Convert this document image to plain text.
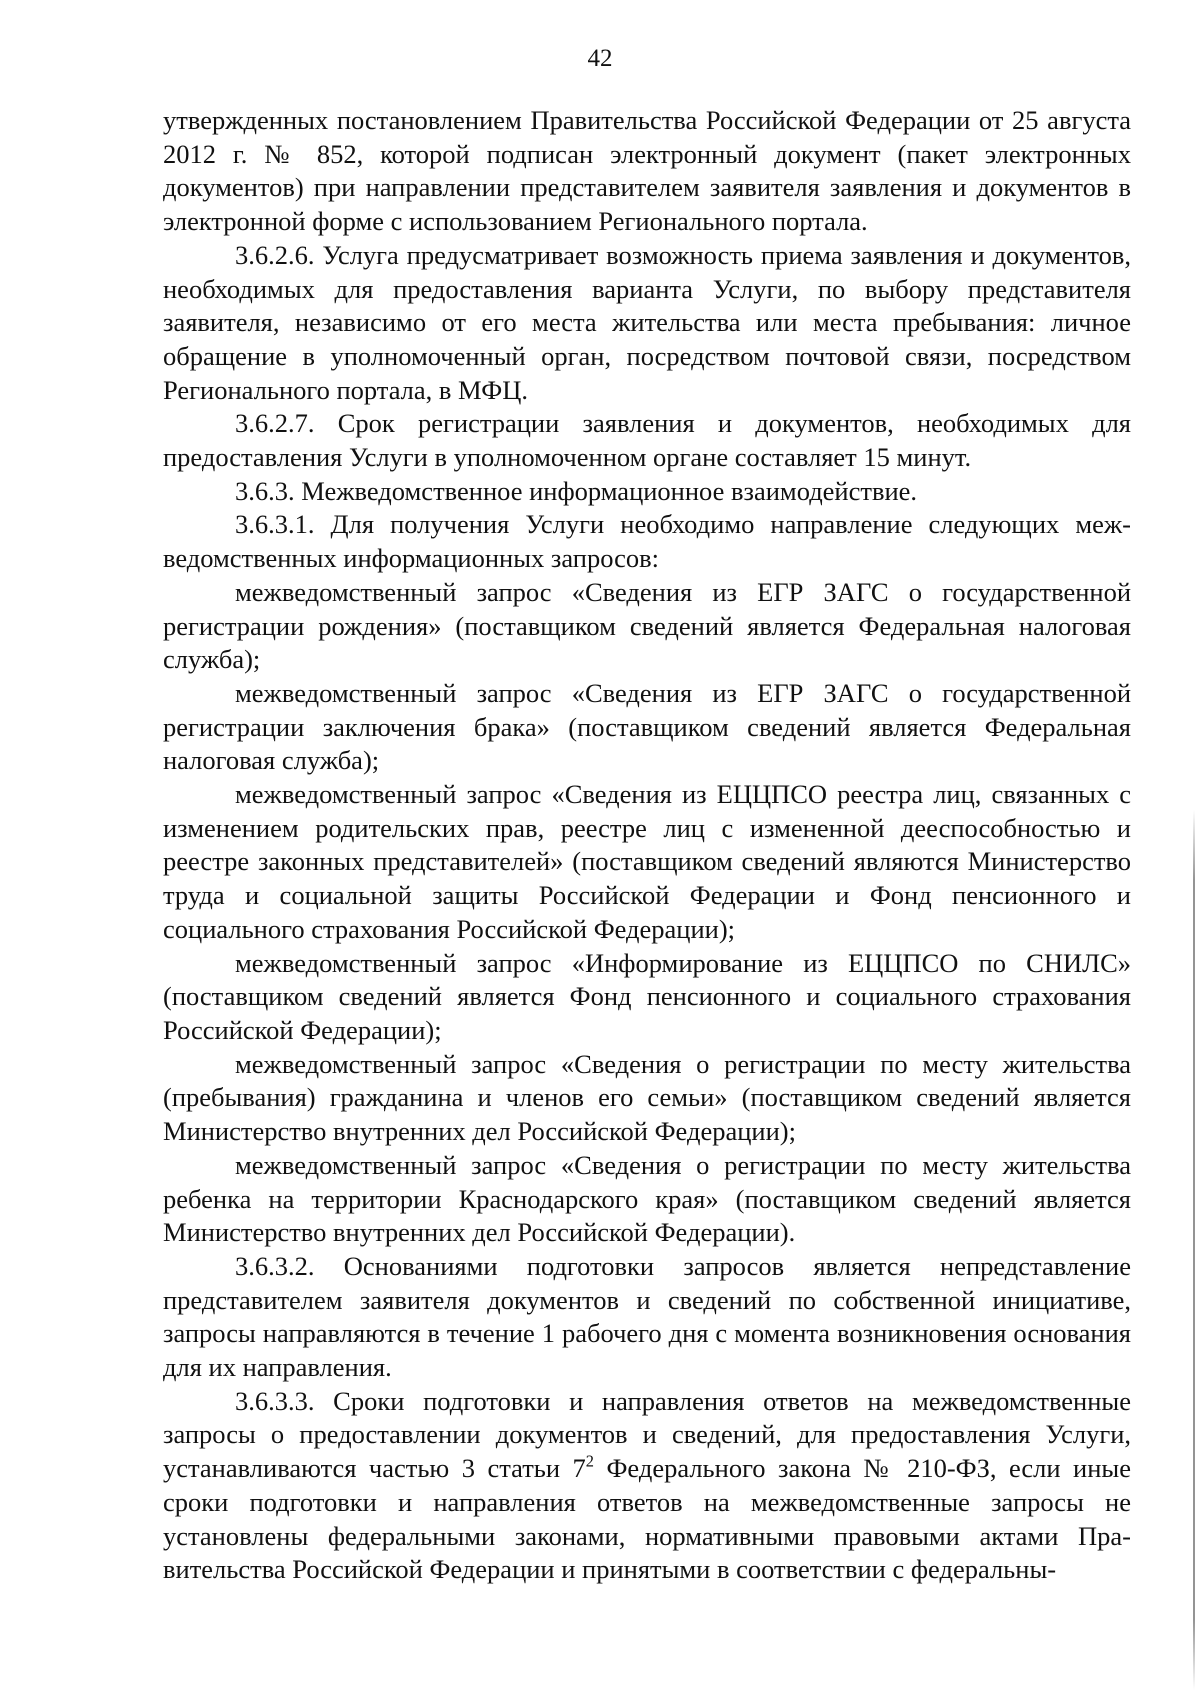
42

утвержденных постановлением Правительства Российской Федерации от 25 августа 2012 г. № 852, которой подписан электронный документ (пакет электронных документов) при направлении представителем заявителя заявления и документов в электронной форме с использованием Регионального портала.

3.6.2.6. Услуга предусматривает возможность приема заявления и документов, необходимых для предоставления варианта Услуги, по выбору представителя заявителя, независимо от его места жительства или места пребывания: личное обращение в уполномоченный орган, посредством почтовой связи, посредством Регионального портала, в МФЦ.

3.6.2.7. Срок регистрации заявления и документов, необходимых для предоставления Услуги в уполномоченном органе составляет 15 минут.

3.6.3. Межведомственное информационное взаимодействие.

3.6.3.1. Для получения Услуги необходимо направление следующих межведомственных информационных запросов:

межведомственный запрос «Сведения из ЕГР ЗАГС о государственной регистрации рождения» (поставщиком сведений является Федеральная налоговая служба);

межведомственный запрос «Сведения из ЕГР ЗАГС о государственной регистрации заключения брака» (поставщиком сведений является Федеральная налоговая служба);

межведомственный запрос «Сведения из ЕЦЦПСО реестра лиц, связанных с изменением родительских прав, реестре лиц с измененной дееспособностью и реестре законных представителей» (поставщиком сведений являются Министерство труда и социальной защиты Российской Федерации и Фонд пенсионного и социального страхования Российской Федерации);

межведомственный запрос «Информирование из ЕЦЦПСО по СНИЛС» (поставщиком сведений является Фонд пенсионного и социального страхования Российской Федерации);

межведомственный запрос «Сведения о регистрации по месту жительства (пребывания) гражданина и членов его семьи» (поставщиком сведений является Министерство внутренних дел Российской Федерации);

межведомственный запрос «Сведения о регистрации по месту жительства ребенка на территории Краснодарского края» (поставщиком сведений является Министерство внутренних дел Российской Федерации).

3.6.3.2. Основаниями подготовки запросов является непредставление представителем заявителя документов и сведений по собственной инициативе, запросы направляются в течение 1 рабочего дня с момента возникновения основания для их направления.

3.6.3.3. Сроки подготовки и направления ответов на межведомственные запросы о предоставлении документов и сведений, для предоставления Услуги, устанавливаются частью 3 статьи $7^2$ Федерального закона № 210-ФЗ, если иные сроки подготовки и направления ответов на межведомственные запросы не установлены федеральными законами, нормативными правовыми актами Правительства Российской Федерации и принятыми в соответствии с федеральны-
